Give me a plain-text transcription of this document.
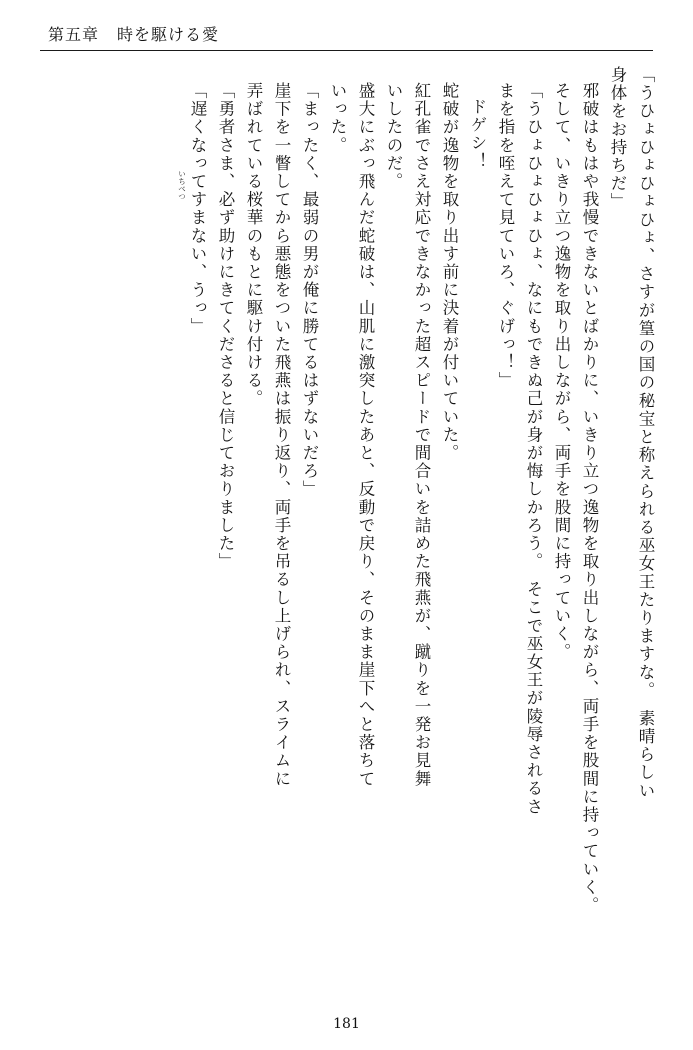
第五章 時を駆ける愛
「うひょひょひょひょ、さすが篁の国の秘宝と称えられる巫女王たりますな。　素晴らしい
身体をお持ちだ」
邪破はもはや我慢できないとばかりに、いきり立つ逸物を取り出しながら、両手を股間に持っていく。
そして、いきり立つ逸物を取り出しながら、両手を股間に持っていく。
「うひょひょひょひょ、なにもできぬ己が身が悔しかろう。　そこで巫女王が陵辱されるさ
まを指を咥えて見ていろ、ぐげっ！」
ドゲシ！
蛇破が逸物を取り出す前に決着が付いていた。
紅孔雀でさえ対応できなかった超スピードで間合いを詰めた飛燕が、蹴りを一発お見舞
いしたのだ。
盛大にぶっ飛んだ蛇破は、山肌に激突したあと、反動で戻り、そのまま崖下へと落ちて
いった。
「まったく、最弱の男が俺に勝てるはずないだろ」
崖下を一瞥してから悪態をついた飛燕は振り返り、両手を吊るし上げられ、スライムに
弄ばれている桜華のもとに駆け付ける。
「勇者さま、必ず助けにきてくださると信じておりました」
「遅くなってすまない、うっ」
いちべつ
181
